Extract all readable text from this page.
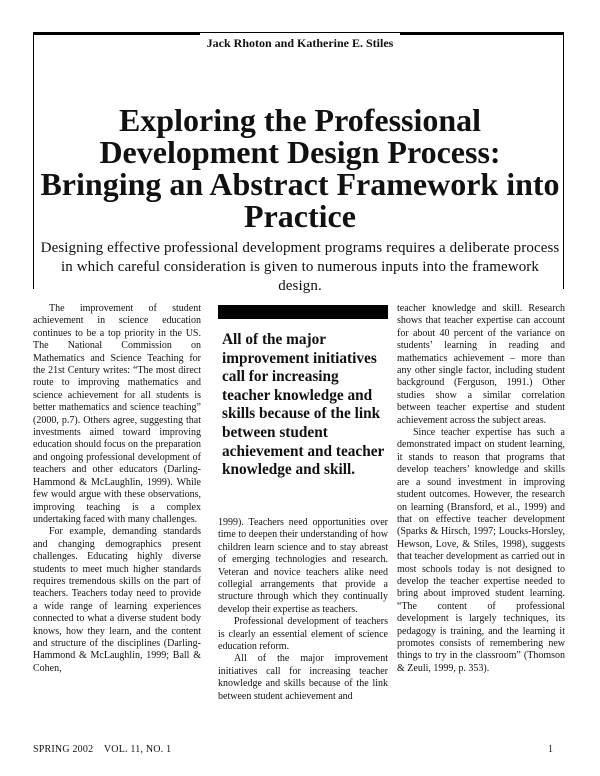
Jack Rhoton and Katherine E. Stiles
Exploring the Professional Development Design Process: Bringing an Abstract Framework into Practice

Designing effective professional development programs requires a deliberate process in which careful consideration is given to numerous inputs into the framework design.

The improvement of student achievement in science education continues to be a top priority in the US. The National Commission on Mathematics and Science Teaching for the 21st Century writes: “The most direct route to improving mathematics and science achievement for all students is better mathematics and science teaching” (2000, p.7). Others agree, suggesting that investments aimed toward improving education should focus on the preparation and ongoing professional development of teachers and other educators (Darling-Hammond & McLaughlin, 1999). While few would argue with these observations, improving teaching is a complex undertaking faced with many challenges.

For example, demanding standards and changing demographics present challenges. Educating highly diverse students to meet much higher standards requires tremendous skills on the part of teachers. Teachers today need to provide a wide range of learning experiences connected to what a diverse student body knows, how they learn, and the content and structure of the disciplines (Darling-Hammond & McLaughlin, 1999; Ball & Cohen,

All of the major improvement initiatives call for increasing teacher knowledge and skills because of the link between student achievement and teacher knowledge and skill.

1999). Teachers need opportunities over time to deepen their understanding of how children learn science and to stay abreast of emerging technologies and research. Veteran and novice teachers alike need collegial arrangements that provide a structure through which they continually develop their expertise as teachers.

Professional development of teachers is clearly an essential element of science education reform.

All of the major improvement initiatives call for increasing teacher knowledge and skills because of the link between student achievement and

teacher knowledge and skill. Research shows that teacher expertise can account for about 40 percent of the variance on students’ learning in reading and mathematics achievement – more than any other single factor, including student background (Ferguson, 1991.) Other studies show a similar correlation between teacher expertise and student achievement across the subject areas.

Since teacher expertise has such a demonstrated impact on student learning, it stands to reason that programs that develop teachers’ knowledge and skills are a sound investment in improving student outcomes. However, the research on learning (Bransford, et al., 1999) and that on effective teacher development (Sparks & Hirsch, 1997; Loucks-Horsley, Hewson, Love, & Stiles, 1998), suggests that teacher development as carried out in most schools today is not designed to develop the teacher expertise needed to bring about improved student learning. “The content of professional development is largely techniques, its pedagogy is training, and the learning it promotes consists of remembering new things to try in the classroom” (Thomson & Zeuli, 1999, p. 353).

SPRING 2002    VOL. 11, NO. 1	1
